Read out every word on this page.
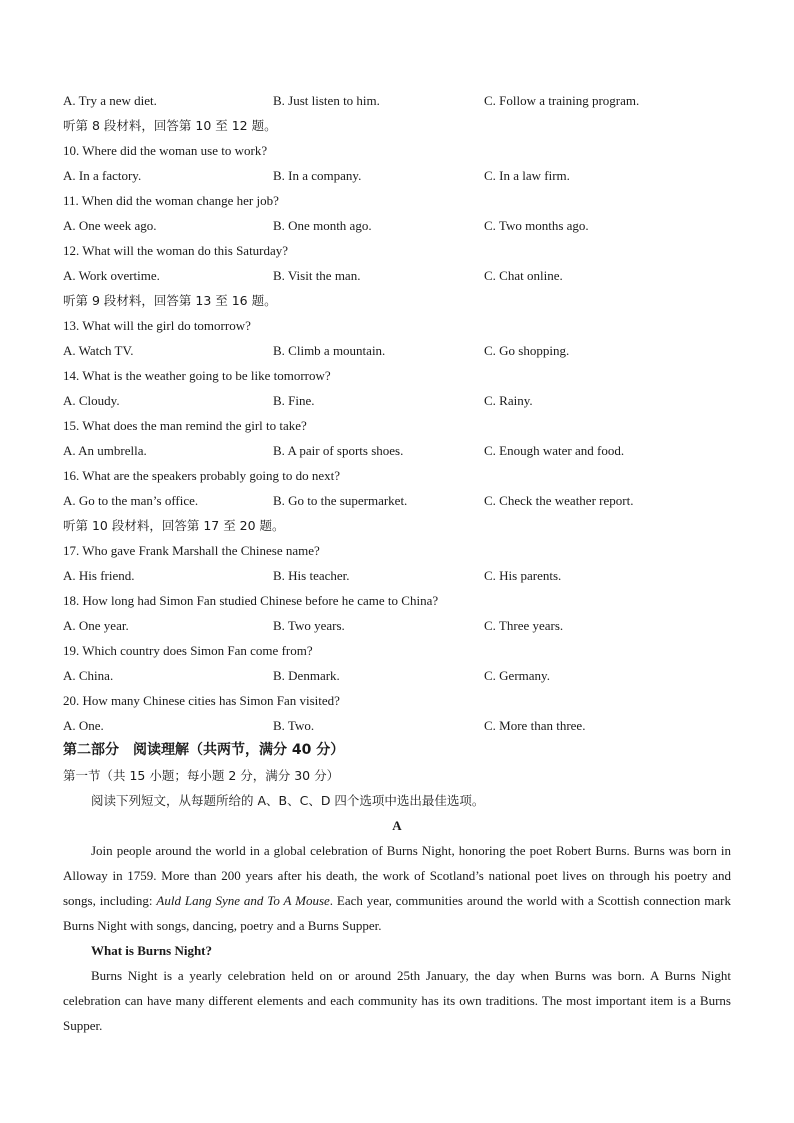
A. Try a new diet.	B. Just listen to him.	C. Follow a training program.
听第 8 段材料，回答第 10 至 12 题。
10. Where did the woman use to work?
A. In a factory.	B. In a company.	C. In a law firm.
11. When did the woman change her job?
A. One week ago.	B. One month ago.	C. Two months ago.
12. What will the woman do this Saturday?
A. Work overtime.	B. Visit the man.	C. Chat online.
听第 9 段材料，回答第 13 至 16 题。
13. What will the girl do tomorrow?
A. Watch TV.	B. Climb a mountain.	C. Go shopping.
14. What is the weather going to be like tomorrow?
A. Cloudy.	B. Fine.	C. Rainy.
15. What does the man remind the girl to take?
A. An umbrella.	B. A pair of sports shoes.	C. Enough water and food.
16. What are the speakers probably going to do next?
A. Go to the man’s office.	B. Go to the supermarket.	C. Check the weather report.
听第 10 段材料，回答第 17 至 20 题。
17. Who gave Frank Marshall the Chinese name?
A. His friend.	B. His teacher.	C. His parents.
18. How long had Simon Fan studied Chinese before he came to China?
A. One year.	B. Two years.	C. Three years.
19. Which country does Simon Fan come from?
A. China.	B. Denmark.	C. Germany.
20. How many Chinese cities has Simon Fan visited?
A. One.	B. Two.	C. More than three.
第二部分　阅读理解（共两节，满分 40 分）
第一节（共 15 小题；每小题 2 分，满分 30 分）
阅读下列短文，从每题所给的 A、B、C、D 四个选项中选出最佳选项。
A
Join people around the world in a global celebration of Burns Night, honoring the poet Robert Burns. Burns was born in Alloway in 1759. More than 200 years after his death, the work of Scotland’s national poet lives on through his poetry and songs, including: Auld Lang Syne and To A Mouse. Each year, communities around the world with a Scottish connection mark Burns Night with songs, dancing, poetry and a Burns Supper.
What is Burns Night?
Burns Night is a yearly celebration held on or around 25th January, the day when Burns was born. A Burns Night celebration can have many different elements and each community has its own traditions. The most important item is a Burns Supper.
